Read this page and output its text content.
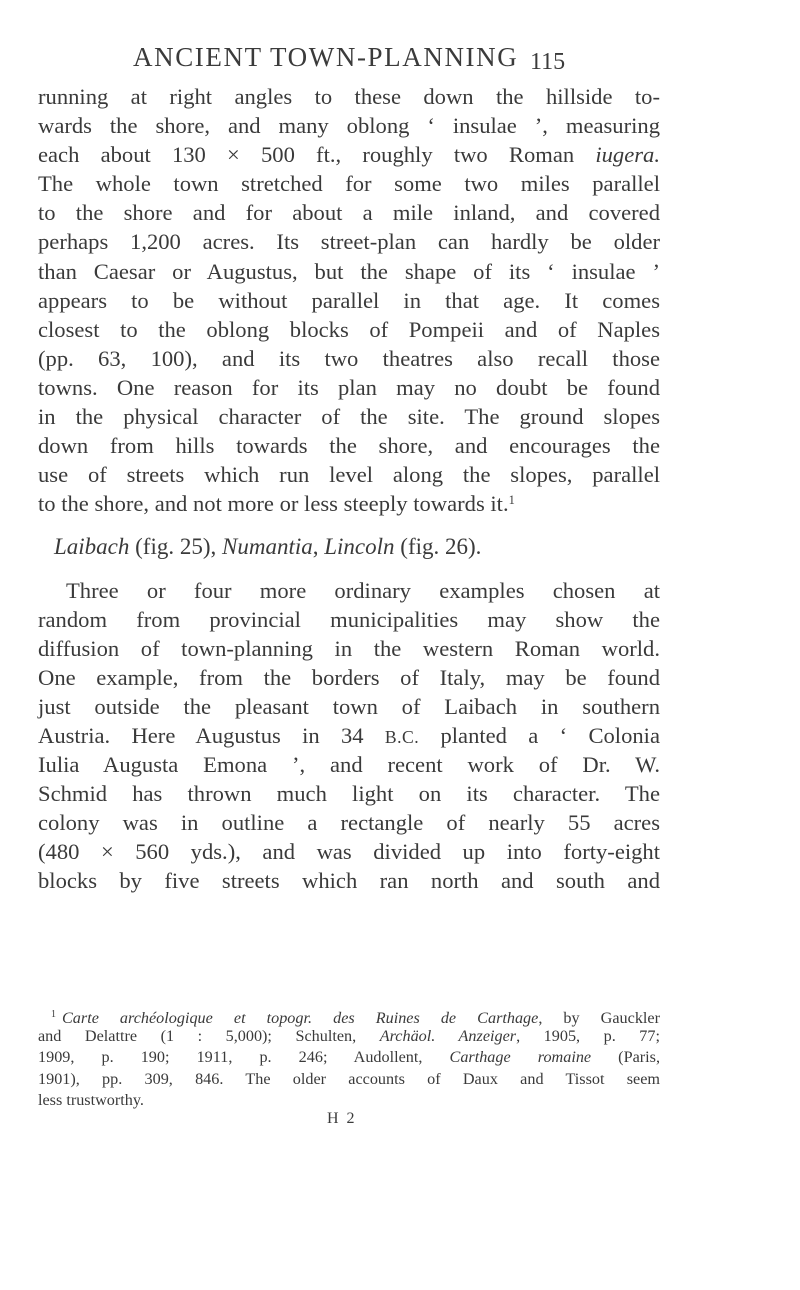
ANCIENT TOWN-PLANNING 115
running at right angles to these down the hillside to-
wards the shore, and many oblong ‘ insulae ’, measuring
each about 130 × 500 ft., roughly two Roman iugera.
The whole town stretched for some two miles parallel
to the shore and for about a mile inland, and covered
perhaps 1,200 acres. Its street-plan can hardly be older
than Caesar or Augustus, but the shape of its ‘ insulae ’
appears to be without parallel in that age. It comes
closest to the oblong blocks of Pompeii and of Naples
(pp. 63, 100), and its two theatres also recall those
towns. One reason for its plan may no doubt be found
in the physical character of the site. The ground slopes
down from hills towards the shore, and encourages the
use of streets which run level along the slopes, parallel
to the shore, and not more or less steeply towards it.$^1$
Laibach (fig. 25), Numantia, Lincoln (fig. 26).
Three or four more ordinary examples chosen at
random from provincial municipalities may show the
diffusion of town-planning in the western Roman world.
One example, from the borders of Italy, may be found
just outside the pleasant town of Laibach in southern
Austria. Here Augustus in 34 B.C. planted a ‘ Colonia
Iulia Augusta Emona ’, and recent work of Dr. W.
Schmid has thrown much light on its character. The
colony was in outline a rectangle of nearly 55 acres
(480 × 560 yds.), and was divided up into forty-eight
blocks by five streets which ran north and south and
$^1$ Carte archéologique et topogr. des Ruines de Carthage, by Gauckler
and Delattre (1 : 5,000); Schulten, Archäol. Anzeiger, 1905, p. 77;
1909, p. 190; 1911, p. 246; Audollent, Carthage romaine (Paris,
1901), pp. 309, 846. The older accounts of Daux and Tissot seem
less trustworthy.
H 2
